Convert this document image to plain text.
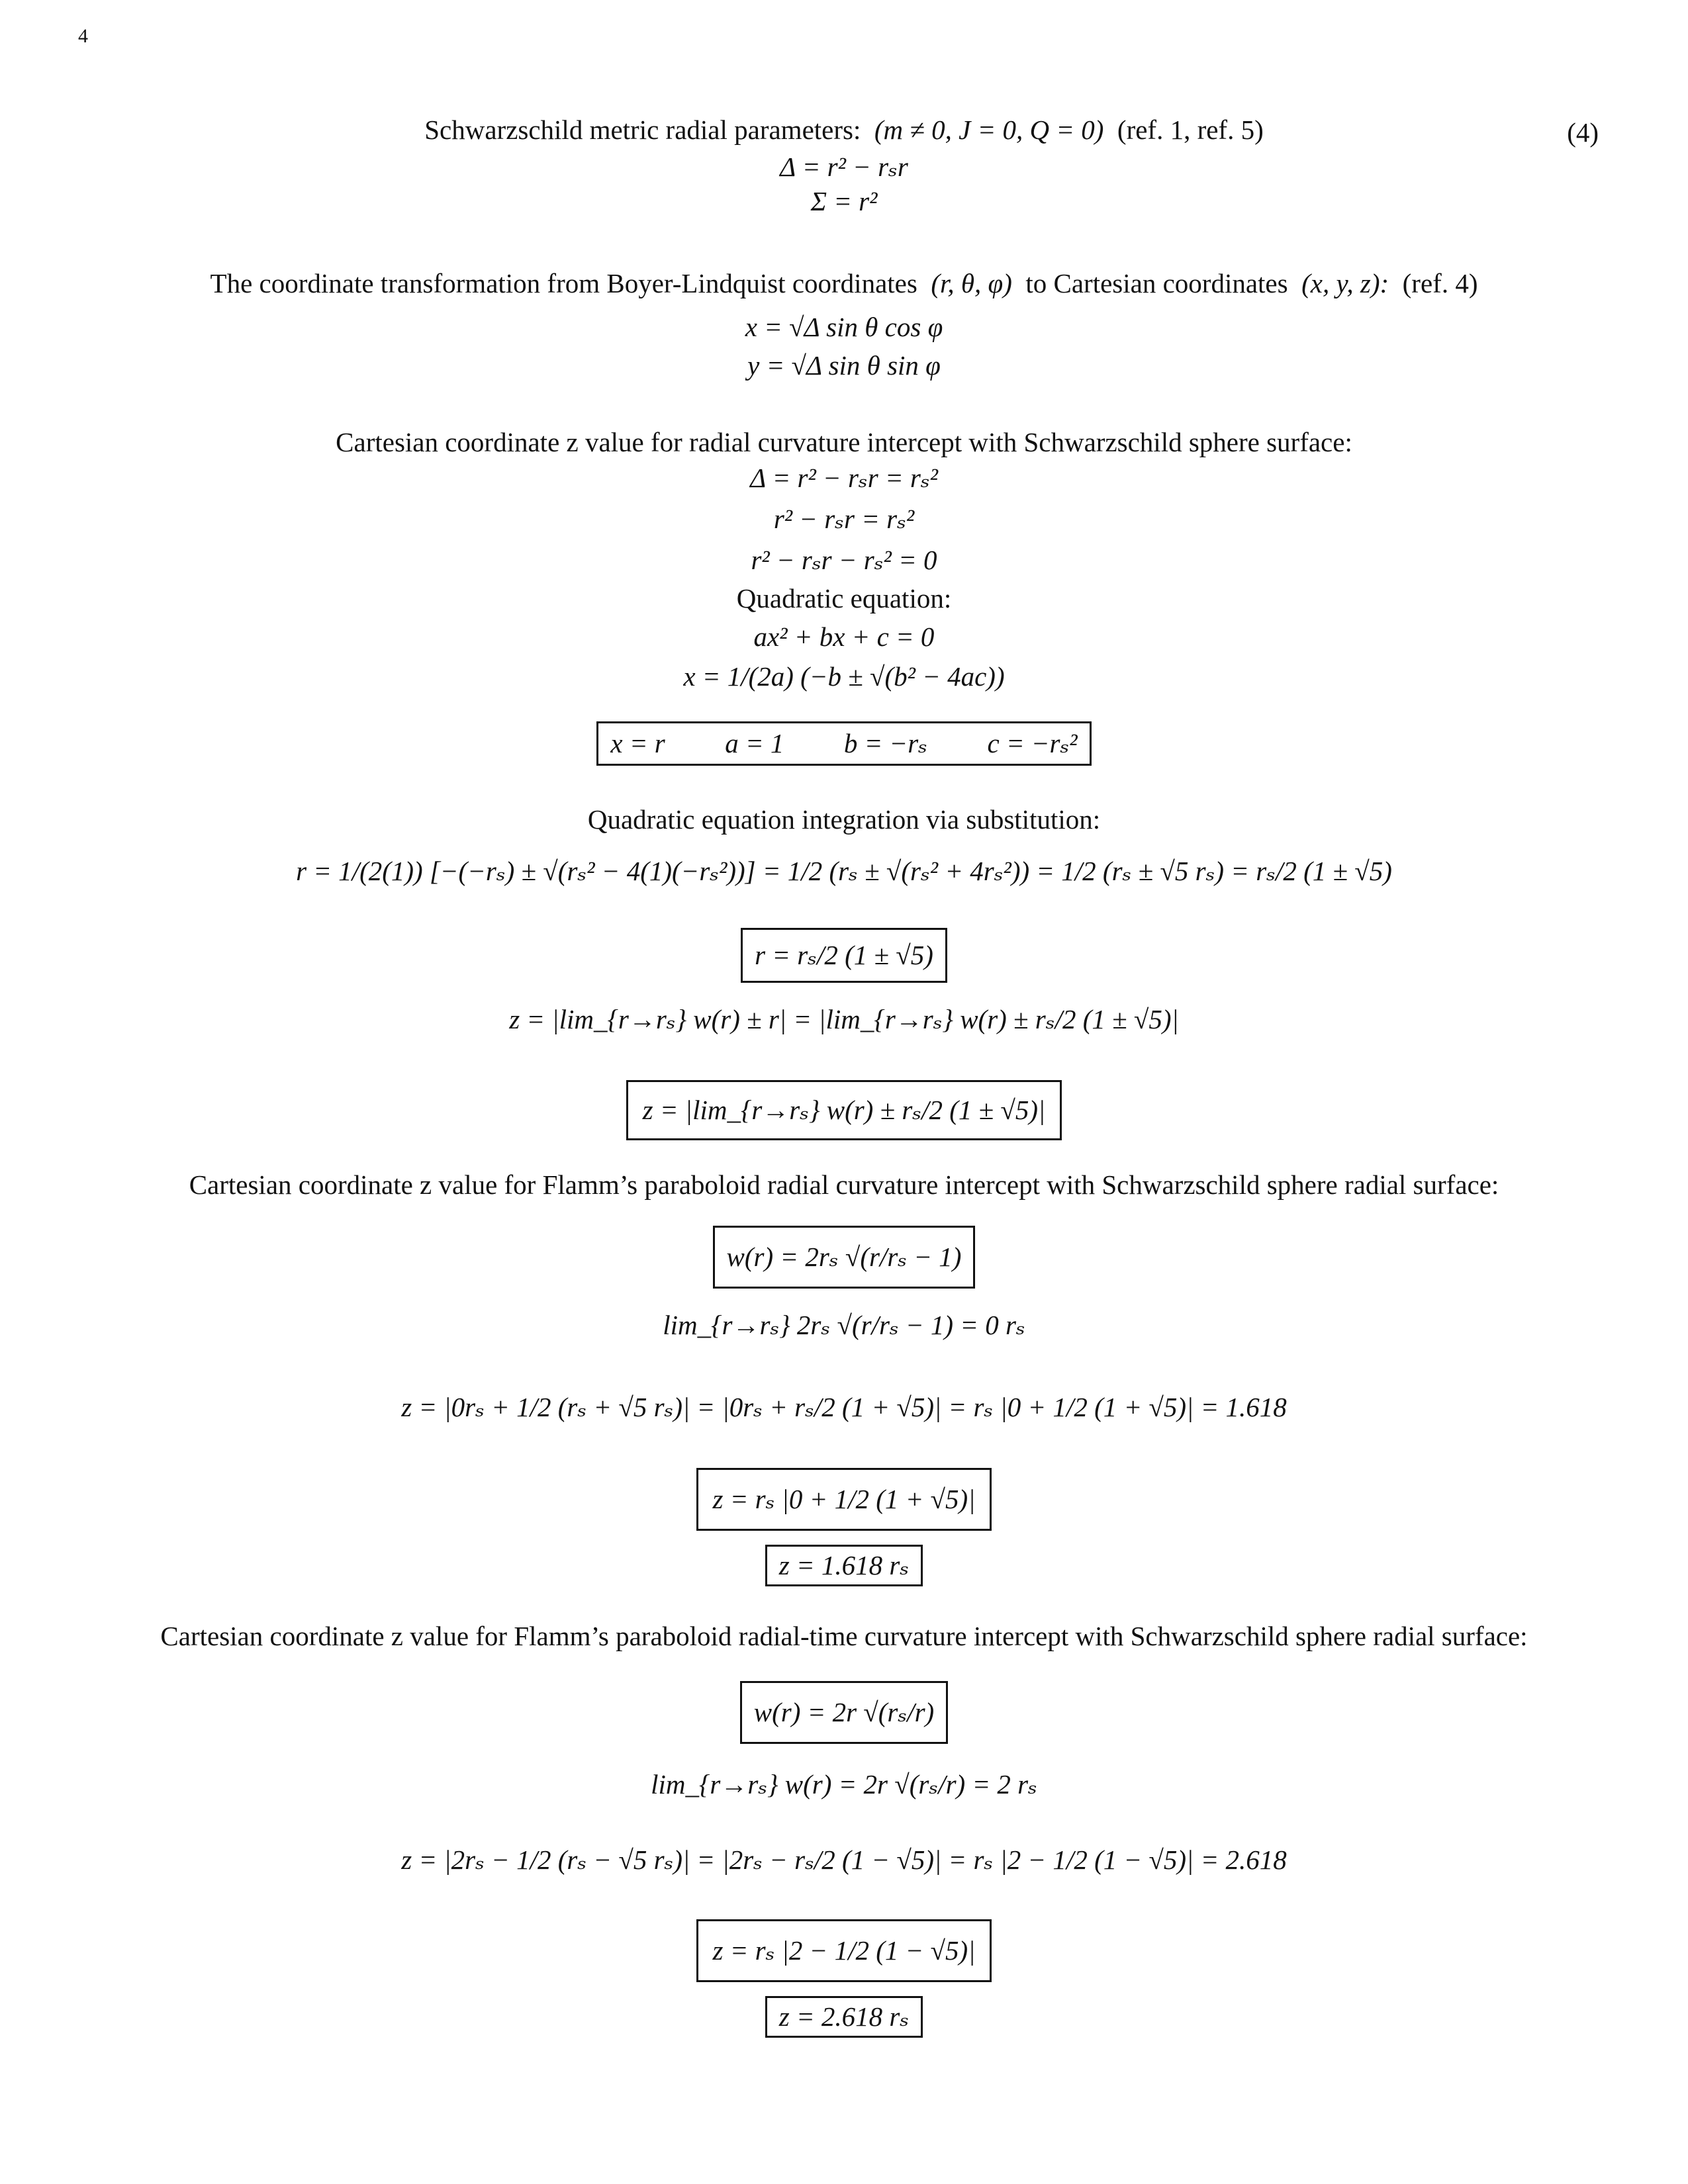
4
(4)
Schwarzschild metric radial parameters: (m ≠ 0, J = 0, Q = 0) (ref. 1, ref. 5)
Δ = r² − rₛr
Σ = r²
The coordinate transformation from Boyer-Lindquist coordinates (r, θ, φ) to Cartesian coordinates (x, y, z): (ref. 4)
x = √Δ sin θ cos φ
y = √Δ sin θ sin φ
Cartesian coordinate z value for radial curvature intercept with Schwarzschild sphere surface:
Δ = r² − rₛr = rₛ²
r² − rₛr = rₛ²
r² − rₛr − rₛ² = 0
Quadratic equation:
ax² + bx + c = 0
x = 1/(2a) (−b ± √(b² − 4ac))
x = r a = 1 b = −rₛ c = −rₛ²
Quadratic equation integration via substitution:
r = 1/(2(1)) [−(−rₛ) ± √(rₛ² − 4(1)(−rₛ²))] = 1/2 (rₛ ± √(rₛ² + 4rₛ²)) = 1/2 (rₛ ± √5 rₛ) = rₛ/2 (1 ± √5)
r = rₛ/2 (1 ± √5)
z = |lim_{r→rₛ} w(r) ± r| = |lim_{r→rₛ} w(r) ± rₛ/2 (1 ± √5)|
z = |lim_{r→rₛ} w(r) ± rₛ/2 (1 ± √5)|
Cartesian coordinate z value for Flamm’s paraboloid radial curvature intercept with Schwarzschild sphere radial surface:
w(r) = 2rₛ √(r/rₛ − 1)
lim_{r→rₛ} 2rₛ √(r/rₛ − 1) = 0 rₛ
z = |0rₛ + 1/2 (rₛ + √5 rₛ)| = |0rₛ + rₛ/2 (1 + √5)| = rₛ |0 + 1/2 (1 + √5)| = 1.618
z = rₛ |0 + 1/2 (1 + √5)|
z = 1.618 rₛ
Cartesian coordinate z value for Flamm’s paraboloid radial-time curvature intercept with Schwarzschild sphere radial surface:
w(r) = 2r √(rₛ/r)
lim_{r→rₛ} w(r) = 2r √(rₛ/r) = 2 rₛ
z = |2rₛ − 1/2 (rₛ − √5 rₛ)| = |2rₛ − rₛ/2 (1 − √5)| = rₛ |2 − 1/2 (1 − √5)| = 2.618
z = rₛ |2 − 1/2 (1 − √5)|
z = 2.618 rₛ
